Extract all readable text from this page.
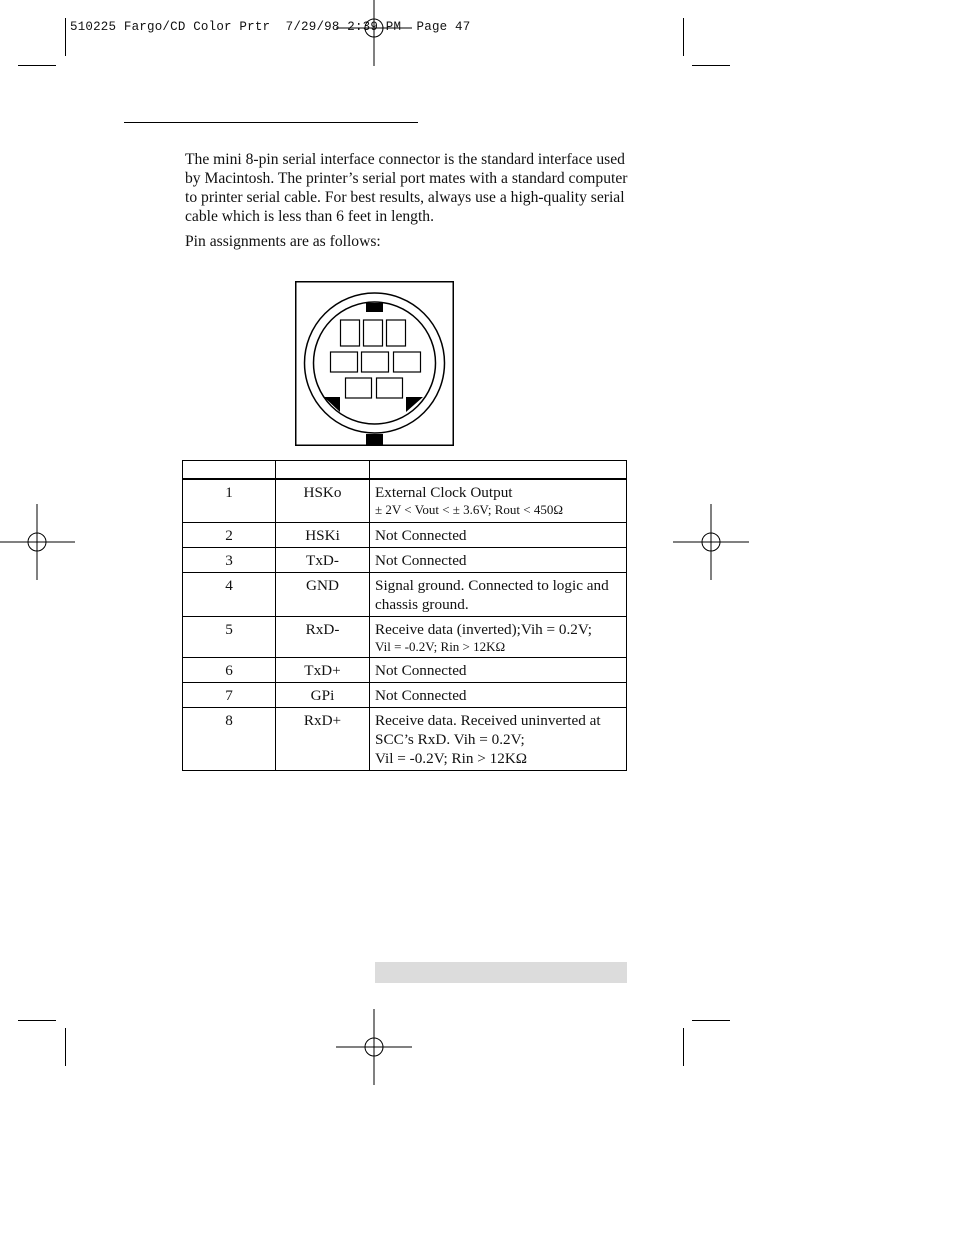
510225 Fargo/CD Color Prtr  7/29/98 2:39 PM  Page 47

The mini 8-pin serial interface connector is the standard interface used by Macintosh. The printer’s serial port mates with a standard computer to printer serial cable. For best results, always use a high-quality serial cable which is less than 6 feet in length.

Pin assignments are as follows:

1	HSKo	External Clock Output
± 2V < Vout < ± 3.6V; Rout < 450Ω

2	HSKi	Not Connected
3	TxD-	Not Connected
4	GND	Signal ground. Connected to logic and chassis ground.
5	RxD-	Receive data (inverted);Vih = 0.2V;
Vil = -0.2V; Rin > 12KΩ

6	TxD+	Not Connected
7	GPi	Not Connected
8	RxD+	Receive data. Received uninverted at SCC’s RxD. Vih = 0.2V;
Vil = -0.2V; Rin > 12KΩ
